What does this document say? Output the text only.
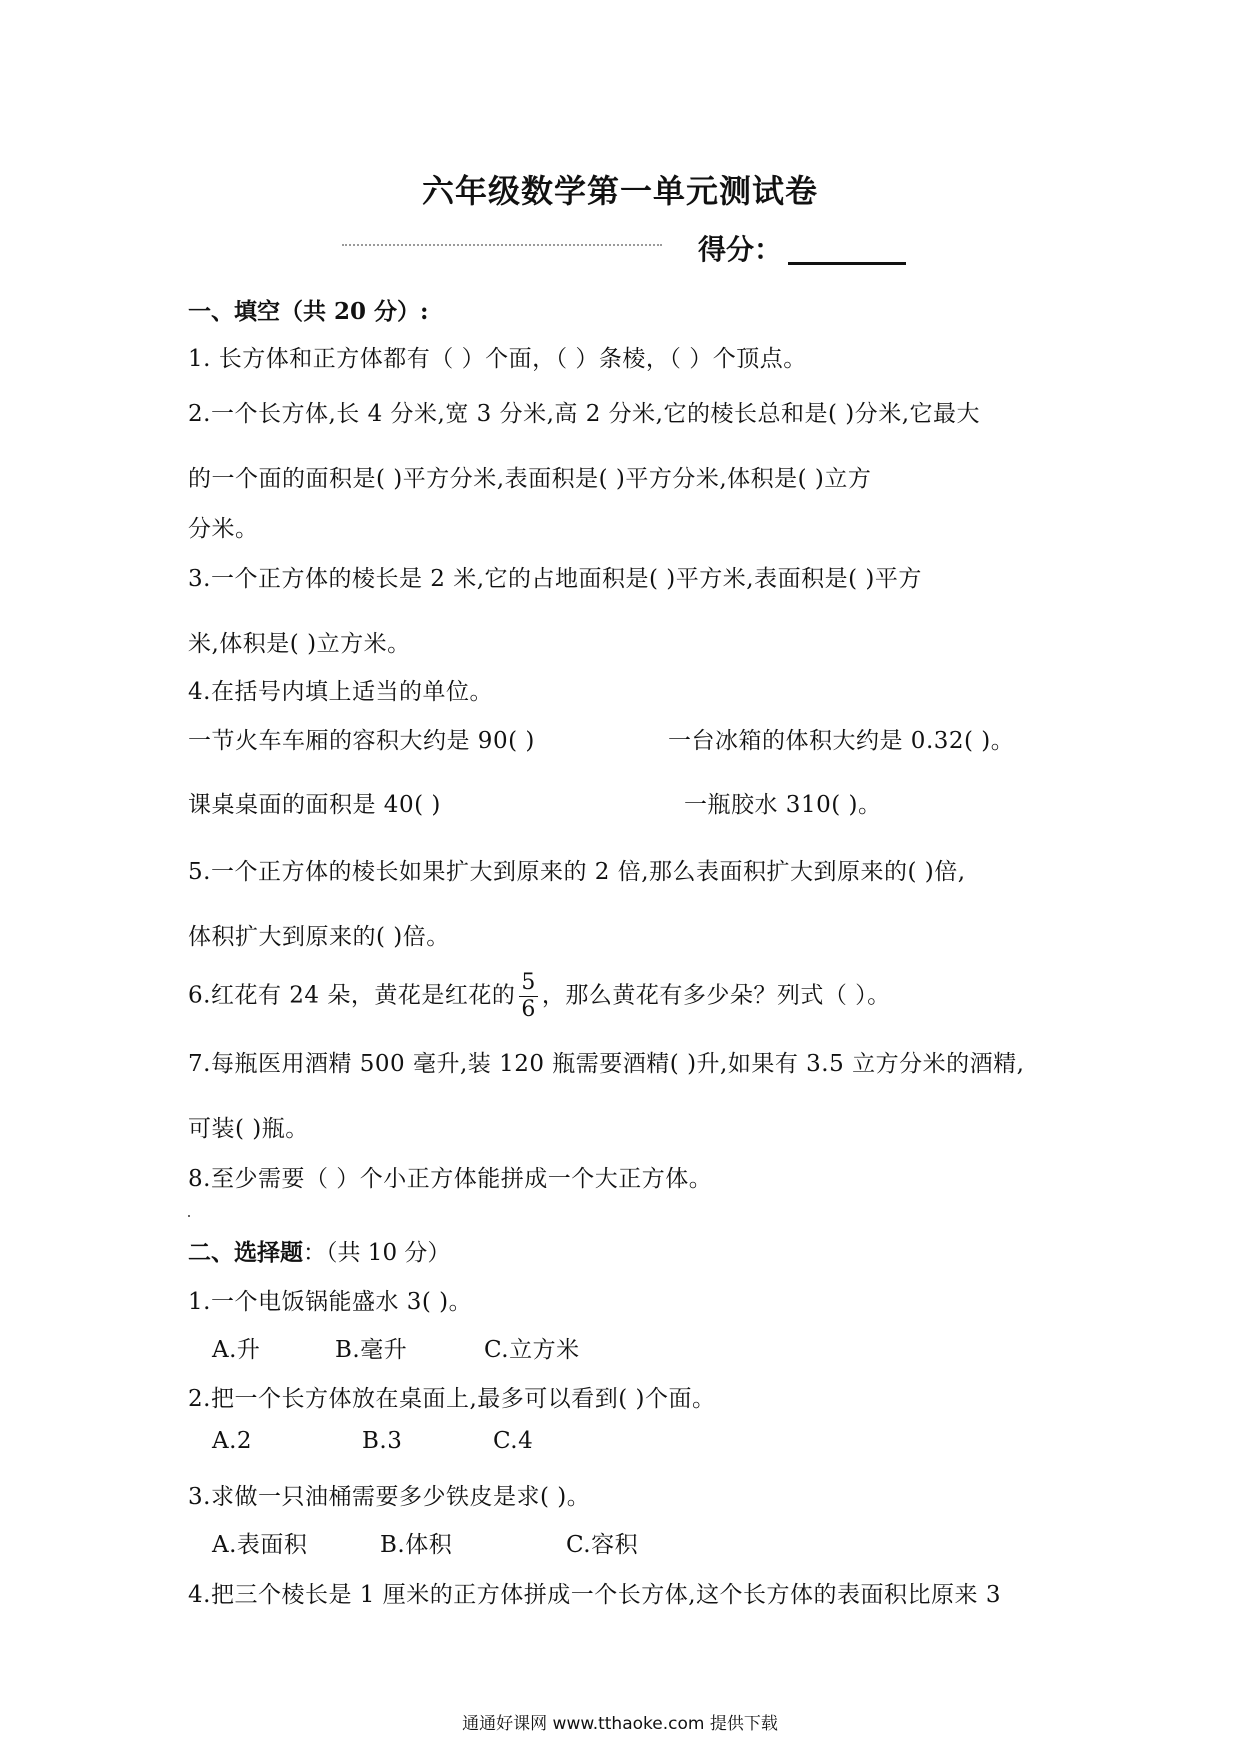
六年级数学第一单元测试卷
得分：
一、填空（共 20 分）:
1. 长方体和正方体都有（ ）个面，（ ）条棱，（ ）个顶点。
2.一个长方体,长 4 分米,宽 3 分米,高 2 分米,它的棱长总和是( )分米,它最大
的一个面的面积是( )平方分米,表面积是( )平方分米,体积是( )立方
分米。
3.一个正方体的棱长是 2 米,它的占地面积是( )平方米,表面积是( )平方
米,体积是( )立方米。
4.在括号内填上适当的单位。
一节火车车厢的容积大约是 90( )	一台冰箱的体积大约是 0.32( )。
课桌桌面的面积是 40( )	一瓶胶水 310( )。
5.一个正方体的棱长如果扩大到原来的 2 倍,那么表面积扩大到原来的( )倍,
体积扩大到原来的( )倍。
6.红花有 24 朵，黄花是红花的 $\frac{5}{6}$ ，那么黄花有多少朵？列式（ ）。
7.每瓶医用酒精 500 毫升,装 120 瓶需要酒精( )升,如果有 3.5 立方分米的酒精,
可装( )瓶。
8.至少需要（ ）个小正方体能拼成一个大正方体。
二、选择题：（共 10 分）
1.一个电饭锅能盛水 3( )。
A.升	B.毫升	C.立方米
2.把一个长方体放在桌面上,最多可以看到( )个面。
A.2	B.3	C.4
3.求做一只油桶需要多少铁皮是求( )。
A.表面积	B.体积	C.容积
4.把三个棱长是 1 厘米的正方体拼成一个长方体,这个长方体的表面积比原来 3
通通好课网 www.tthaoke.com 提供下载
